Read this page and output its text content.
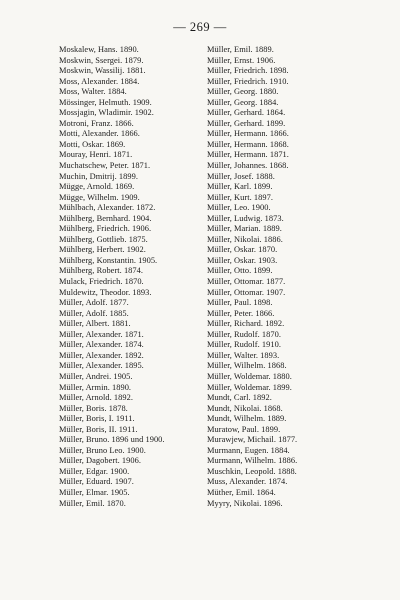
— 269 —
Moskalew, Hans. 1890.
Moskwin, Ssergei. 1879.
Moskwin, Wassilij. 1881.
Moss, Alexander. 1884.
Moss, Walter. 1884.
Mössinger, Helmuth. 1909.
Mossjagin, Wladimir. 1902.
Motroni, Franz. 1866.
Motti, Alexander. 1866.
Motti, Oskar. 1869.
Mouray, Henri. 1871.
Muchatschew, Peter. 1871.
Muchin, Dmitrij. 1899.
Mügge, Arnold. 1869.
Mügge, Wilhelm. 1909.
Mühlbach, Alexander. 1872.
Mühlberg, Bernhard. 1904.
Mühlberg, Friedrich. 1906.
Mühlberg, Gottlieb. 1875.
Mühlberg, Herbert. 1902.
Mühlberg, Konstantin. 1905.
Mühlberg, Robert. 1874.
Mulack, Friedrich. 1870.
Muldewitz, Theodor. 1893.
Müller, Adolf. 1877.
Müller, Adolf. 1885.
Müller, Albert. 1881.
Müller, Alexander. 1871.
Müller, Alexander. 1874.
Müller, Alexander. 1892.
Müller, Alexander. 1895.
Müller, Andrei. 1905.
Müller, Armin. 1890.
Müller, Arnold. 1892.
Müller, Boris. 1878.
Müller, Boris, I. 1911.
Müller, Boris, II. 1911.
Müller, Bruno. 1896 und 1900.
Müller, Bruno Leo. 1900.
Müller, Dagobert. 1906.
Müller, Edgar. 1900.
Müller, Eduard. 1907.
Müller, Elmar. 1905.
Müller, Emil. 1870.
Müller, Emil. 1889.
Müller, Ernst. 1906.
Müller, Friedrich. 1898.
Müller, Friedrich. 1910.
Müller, Georg. 1880.
Müller, Georg. 1884.
Müller, Gerhard. 1864.
Müller, Gerhard. 1899.
Müller, Hermann. 1866.
Müller, Hermann. 1868.
Müller, Hermann. 1871.
Müller, Johannes. 1868.
Müller, Josef. 1888.
Müller, Karl. 1899.
Müller, Kurt. 1897.
Müller, Leo. 1900.
Müller, Ludwig. 1873.
Müller, Marian. 1889.
Müller, Nikolai. 1886.
Müller, Oskar. 1870.
Müller, Oskar. 1903.
Müller, Otto. 1899.
Müller, Ottomar. 1877.
Müller, Ottomar. 1907.
Müller, Paul. 1898.
Müller, Peter. 1866.
Müller, Richard. 1892.
Müller, Rudolf. 1870.
Müller, Rudolf. 1910.
Müller, Walter. 1893.
Müller, Wilhelm. 1868.
Müller, Woldemar. 1880.
Müller, Woldemar. 1899.
Mundt, Carl. 1892.
Mundt, Nikolai. 1868.
Mundt, Wilhelm. 1889.
Muratow, Paul. 1899.
Murawjew, Michail. 1877.
Murmann, Eugen. 1884.
Murmann, Wilhelm. 1886.
Muschkin, Leopold. 1888.
Muss, Alexander. 1874.
Müther, Emil. 1864.
Myyry, Nikolai. 1896.
